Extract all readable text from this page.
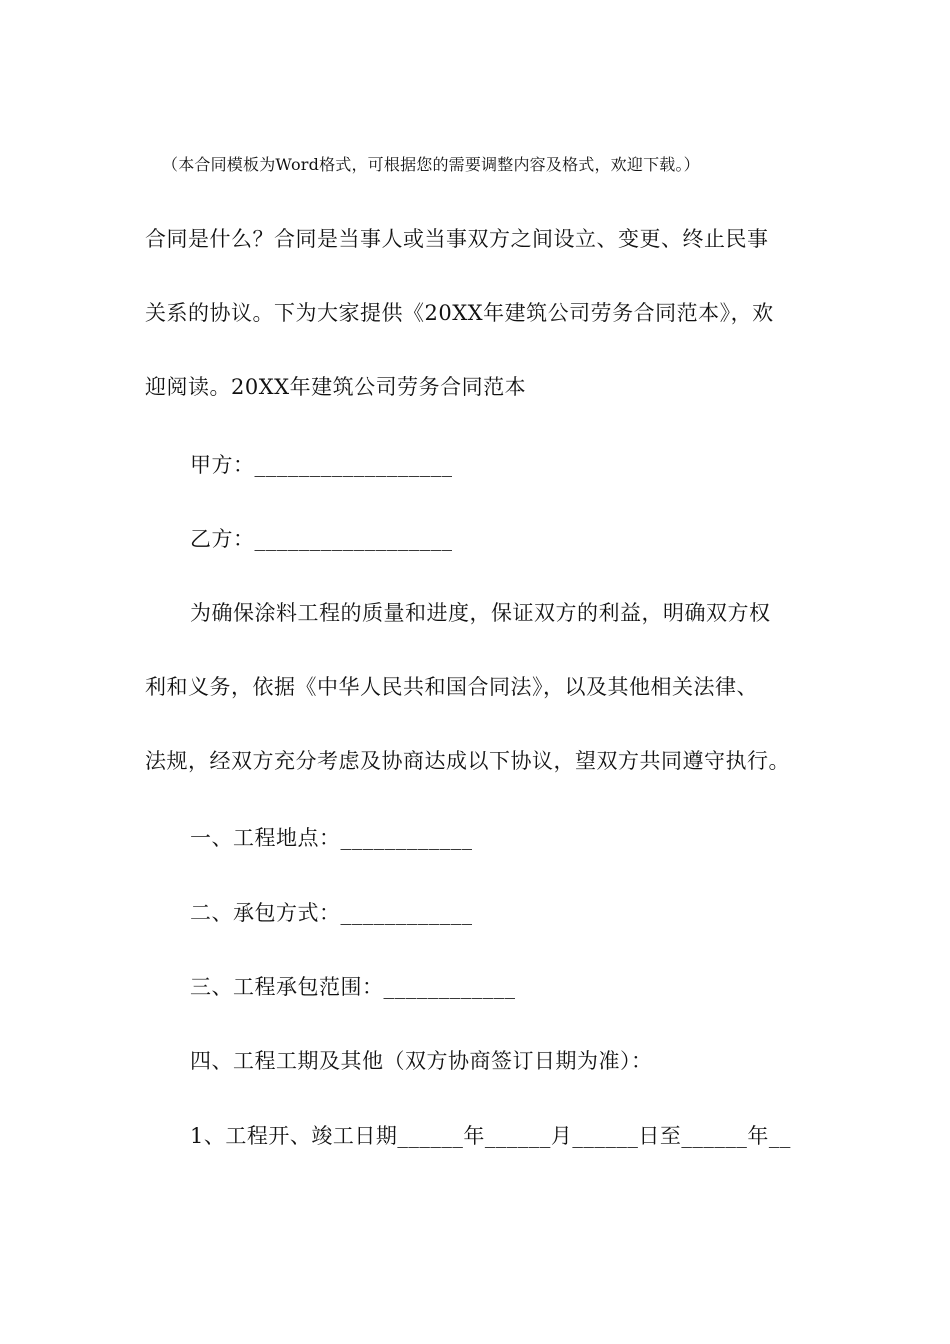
（本合同模板为Word格式，可根据您的需要调整内容及格式，欢迎下载。）
合同是什么？合同是当事人或当事双方之间设立、变更、终止民事
关系的协议。下为大家提供《20XX年建筑公司劳务合同范本》，欢
迎阅读。20XX年建筑公司劳务合同范本
甲方：__________________
乙方：__________________
为确保涂料工程的质量和进度，保证双方的利益，明确双方权
利和义务，依据《中华人民共和国合同法》，以及其他相关法律、
法规，经双方充分考虑及协商达成以下协议，望双方共同遵守执行。
一、工程地点：____________
二、承包方式：____________
三、工程承包范围：____________
四、工程工期及其他（双方协商签订日期为准）：
1、工程开、竣工日期______年______月______日至______年__
